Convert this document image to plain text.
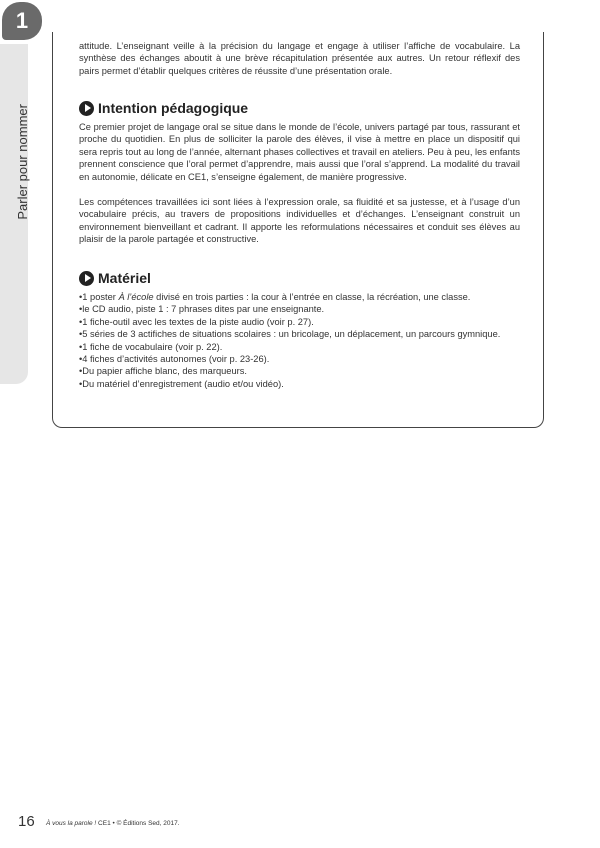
1
Parler pour nommer

attitude. L’enseignant veille à la précision du langage et engage à utiliser l’affiche de vocabulaire. La synthèse des échanges aboutit à une brève récapitulation présentée aux autres. Un retour réflexif des pairs permet d’établir quelques critères de réussite d’une présentation orale.

Intention pédagogique

Ce premier projet de langage oral se situe dans le monde de l’école, univers partagé par tous, rassurant et proche du quotidien. En plus de solliciter la parole des élèves, il vise à mettre en place un dispositif qui sera repris tout au long de l’année, alternant phases collectives et travail en ateliers. Peu à peu, les enfants prennent conscience que l’oral permet d’apprendre, mais aussi que l’oral s’apprend. La modalité du travail en autonomie, délicate en CE1, s’enseigne également, de manière progressive.

Les compétences travaillées ici sont liées à l’expression orale, sa fluidité et sa justesse, et à l’usage d’un vocabulaire précis, au travers de propositions individuelles et d’échanges. L’enseignant construit un environnement bienveillant et cadrant. Il apporte les reformulations nécessaires et conduit ses élèves au plaisir de la parole partagée et constructive.

Matériel
• 1 poster À l’école divisé en trois parties : la cour à l’entrée en classe, la récréation, une classe.
• le CD audio, piste 1 : 7 phrases dites par une enseignante.
• 1 fiche-outil avec les textes de la piste audio (voir p. 27).
• 5 séries de 3 actifiches de situations scolaires : un bricolage, un déplacement, un parcours gymnique.
• 1 fiche de vocabulaire (voir p. 22).
• 4 fiches d’activités autonomes (voir p. 23-26).
• Du papier affiche blanc, des marqueurs.
• Du matériel d’enregistrement (audio et/ou vidéo).
16 À vous la parole ! CE1 • © Éditions Sed, 2017.
